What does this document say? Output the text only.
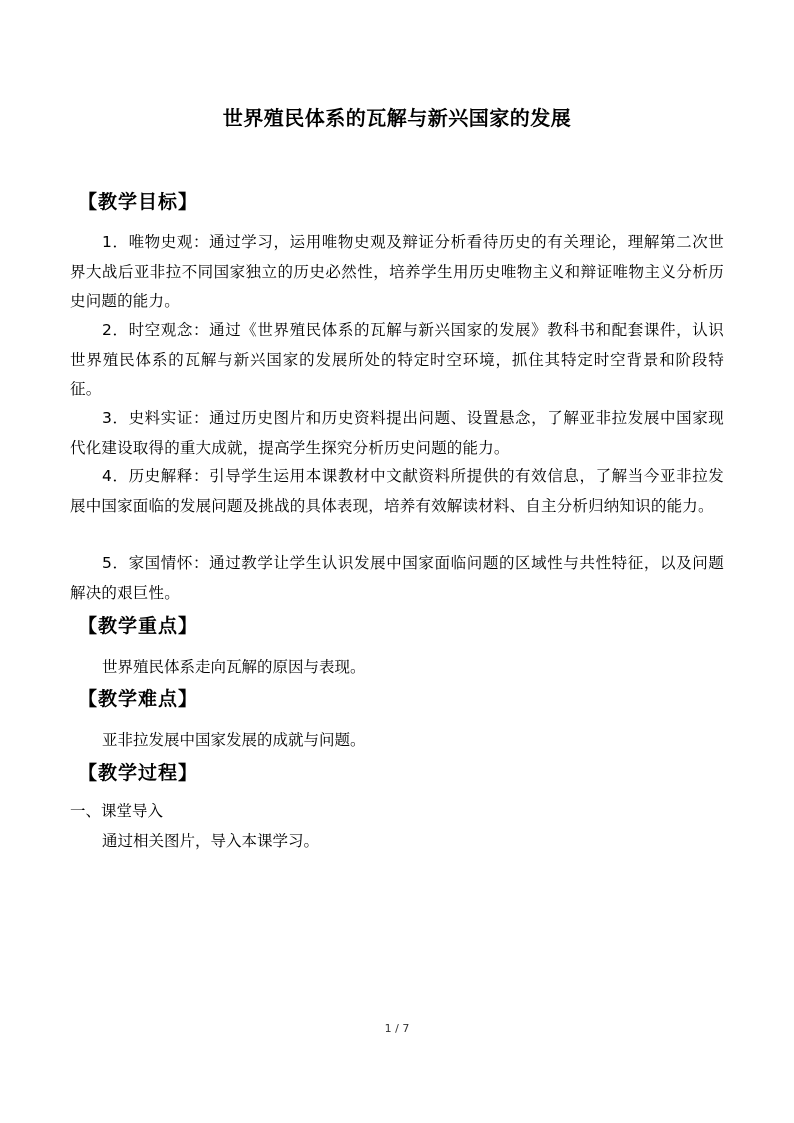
世界殖民体系的瓦解与新兴国家的发展
【教学目标】
1．唯物史观：通过学习，运用唯物史观及辩证分析看待历史的有关理论，理解第二次世界大战后亚非拉不同国家独立的历史必然性，培养学生用历史唯物主义和辩证唯物主义分析历史问题的能力。
2．时空观念：通过《世界殖民体系的瓦解与新兴国家的发展》教科书和配套课件，认识世界殖民体系的瓦解与新兴国家的发展所处的特定时空环境，抓住其特定时空背景和阶段特征。
3．史料实证：通过历史图片和历史资料提出问题、设置悬念，了解亚非拉发展中国家现代化建设取得的重大成就，提高学生探究分析历史问题的能力。
4．历史解释：引导学生运用本课教材中文献资料所提供的有效信息，了解当今亚非拉发展中国家面临的发展问题及挑战的具体表现，培养有效解读材料、自主分析归纳知识的能力。
5．家国情怀：通过教学让学生认识发展中国家面临问题的区域性与共性特征，以及问题解决的艰巨性。
【教学重点】
世界殖民体系走向瓦解的原因与表现。
【教学难点】
亚非拉发展中国家发展的成就与问题。
【教学过程】
一、课堂导入
通过相关图片，导入本课学习。
1 / 7
